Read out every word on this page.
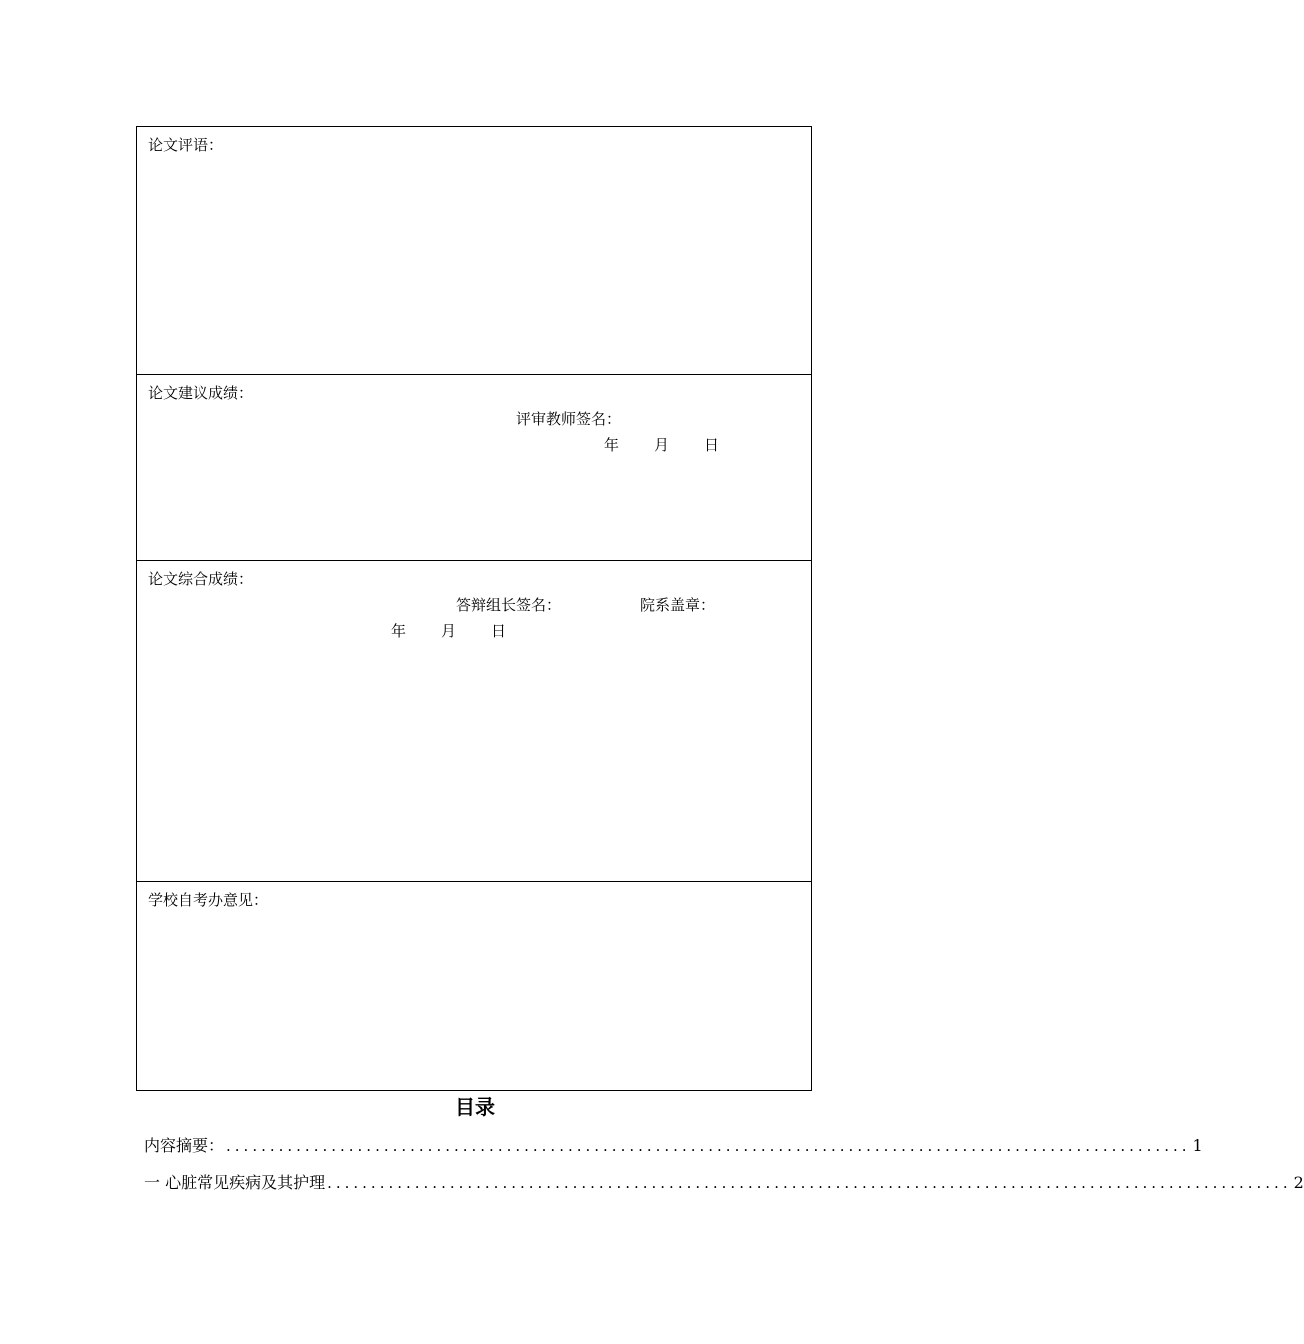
论文评语：
论文建议成绩：
评审教师签名：
年 月 日
论文综合成绩：
答辩组长签名：	院系盖章：
年 月 日
学校自考办意见：
目录
内容摘要： .............................................................................................................. 1
一 心脏常见疾病及其护理 .............................................................................................................. 2
